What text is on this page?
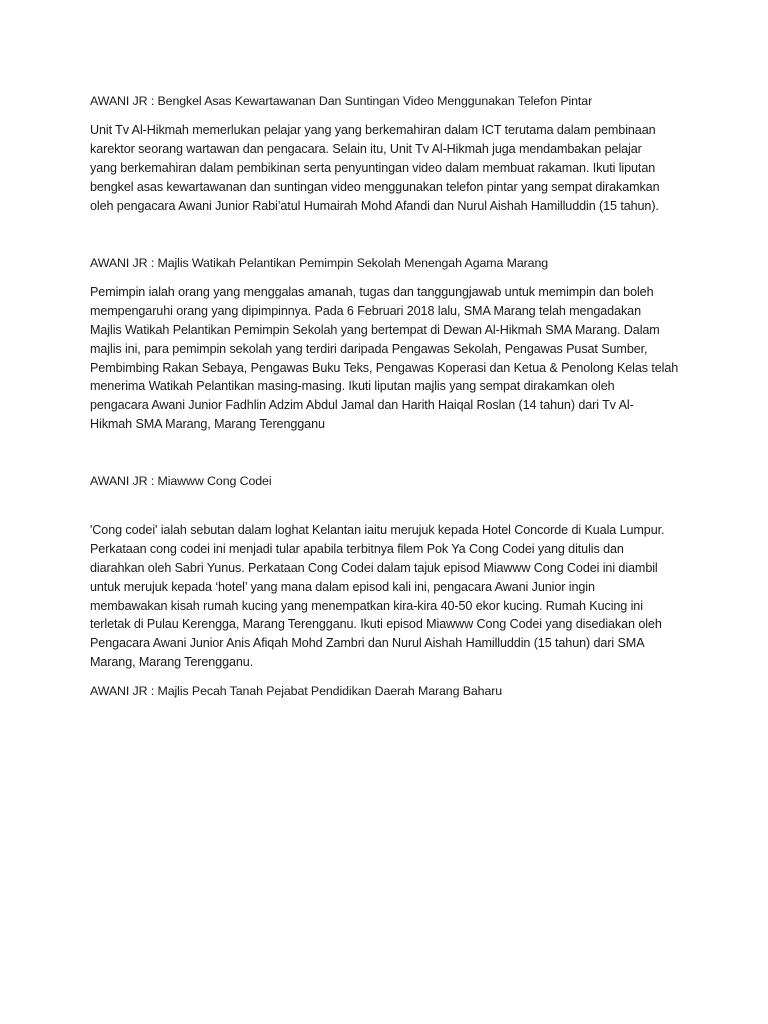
AWANI JR : Bengkel Asas Kewartawanan Dan Suntingan Video Menggunakan Telefon Pintar
Unit Tv Al-Hikmah memerlukan pelajar yang yang berkemahiran dalam ICT terutama dalam pembinaan
karektor seorang wartawan dan pengacara. Selain itu, Unit Tv Al-Hikmah juga mendambakan pelajar
yang berkemahiran dalam pembikinan serta penyuntingan video dalam membuat rakaman. Ikuti liputan
bengkel asas kewartawanan dan suntingan video menggunakan telefon pintar yang sempat dirakamkan
oleh pengacara Awani Junior Rabi’atul Humairah Mohd Afandi dan Nurul Aishah Hamilluddin (15 tahun).
AWANI JR : Majlis Watikah Pelantikan Pemimpin Sekolah Menengah Agama Marang
Pemimpin ialah orang yang menggalas amanah, tugas dan tanggungjawab untuk memimpin dan boleh
mempengaruhi orang yang dipimpinnya. Pada 6 Februari 2018 lalu, SMA Marang telah mengadakan
Majlis Watikah Pelantikan Pemimpin Sekolah yang bertempat di Dewan Al-Hikmah SMA Marang. Dalam
majlis ini, para pemimpin sekolah yang terdiri daripada Pengawas Sekolah, Pengawas Pusat Sumber,
Pembimbing Rakan Sebaya, Pengawas Buku Teks, Pengawas Koperasi dan Ketua & Penolong Kelas telah
menerima Watikah Pelantikan masing-masing. Ikuti liputan majlis yang sempat dirakamkan oleh
pengacara Awani Junior Fadhlin Adzim Abdul Jamal dan Harith Haiqal Roslan (14 tahun) dari Tv Al-
Hikmah SMA Marang, Marang Terengganu
AWANI JR : Miawww Cong Codei
'Cong codei' ialah sebutan dalam loghat Kelantan iaitu merujuk kepada Hotel Concorde di Kuala Lumpur.
Perkataan cong codei ini menjadi tular apabila terbitnya filem Pok Ya Cong Codei yang ditulis dan
diarahkan oleh Sabri Yunus. Perkataan Cong Codei dalam tajuk episod Miawww Cong Codei ini diambil
untuk merujuk kepada ‘hotel’ yang mana dalam episod kali ini, pengacara Awani Junior ingin
membawakan kisah rumah kucing yang menempatkan kira-kira 40-50 ekor kucing. Rumah Kucing ini
terletak di Pulau Kerengga, Marang Terengganu. Ikuti episod Miawww Cong Codei yang disediakan oleh
Pengacara Awani Junior Anis Afiqah Mohd Zambri dan Nurul Aishah Hamilluddin (15 tahun) dari SMA
Marang, Marang Terengganu.
AWANI JR : Majlis Pecah Tanah Pejabat Pendidikan Daerah Marang Baharu
